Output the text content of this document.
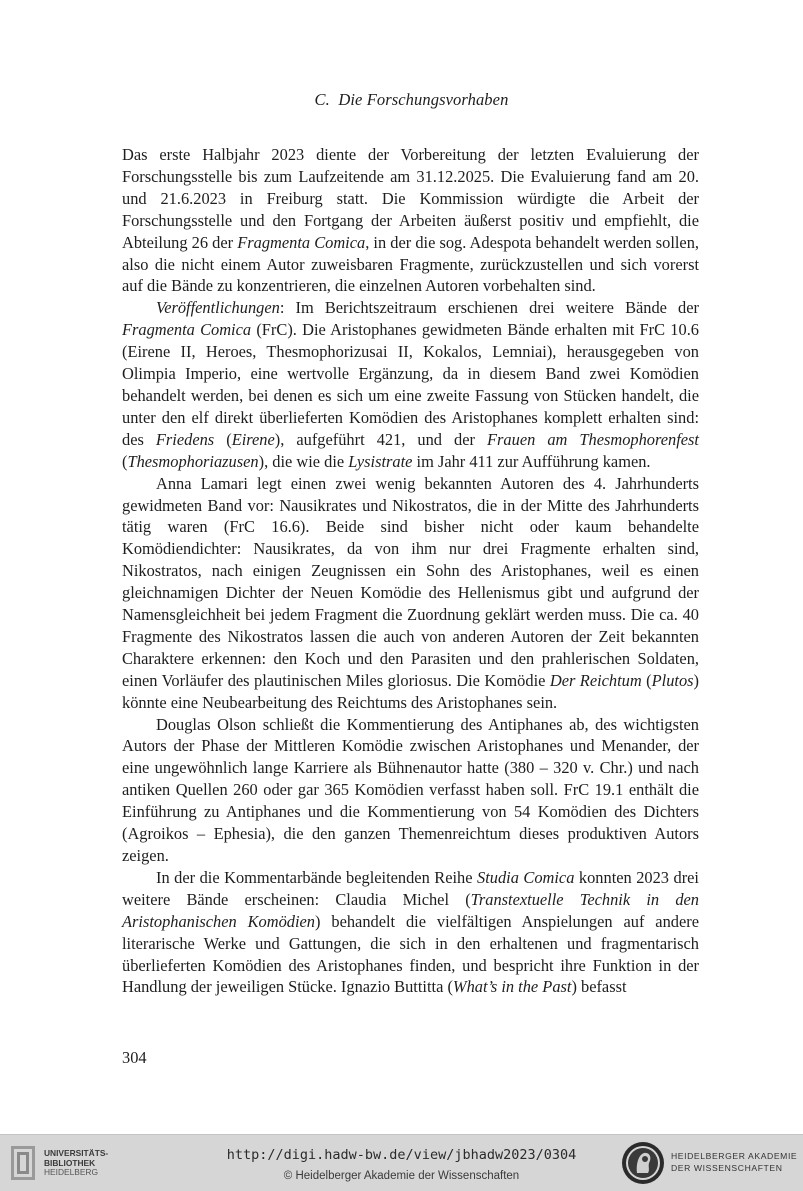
C. Die Forschungsvorhaben

Das erste Halbjahr 2023 diente der Vorbereitung der letzten Evaluierung der Forschungsstelle bis zum Laufzeitende am 31.12.2025. Die Evaluierung fand am 20. und 21.6.2023 in Freiburg statt. Die Kommission würdigte die Arbeit der Forschungsstelle und den Fortgang der Arbeiten äußerst positiv und empfiehlt, die Abteilung 26 der Fragmenta Comica, in der die sog. Adespota behandelt werden sollen, also die nicht einem Autor zuweisbaren Fragmente, zurückzustellen und sich vorerst auf die Bände zu konzentrieren, die einzelnen Autoren vorbehalten sind.

Veröffentlichungen: Im Berichtszeitraum erschienen drei weitere Bände der Fragmenta Comica (FrC). Die Aristophanes gewidmeten Bände erhalten mit FrC 10.6 (Eirene II, Heroes, Thesmophorizusai II, Kokalos, Lemniai), herausgegeben von Olimpia Imperio, eine wertvolle Ergänzung, da in diesem Band zwei Komödien behandelt werden, bei denen es sich um eine zweite Fassung von Stücken handelt, die unter den elf direkt überlieferten Komödien des Aristophanes komplett erhalten sind: des Friedens (Eirene), aufgeführt 421, und der Frauen am Thesmophorenfest (Thesmophoriazusen), die wie die Lysistrate im Jahr 411 zur Aufführung kamen.

Anna Lamari legt einen zwei wenig bekannten Autoren des 4. Jahrhunderts gewidmeten Band vor: Nausikrates und Nikostratos, die in der Mitte des Jahrhunderts tätig waren (FrC 16.6). Beide sind bisher nicht oder kaum behandelte Komödiendichter: Nausikrates, da von ihm nur drei Fragmente erhalten sind, Nikostratos, nach einigen Zeugnissen ein Sohn des Aristophanes, weil es einen gleichnamigen Dichter der Neuen Komödie des Hellenismus gibt und aufgrund der Namensgleichheit bei jedem Fragment die Zuordnung geklärt werden muss. Die ca. 40 Fragmente des Nikostratos lassen die auch von anderen Autoren der Zeit bekannten Charaktere erkennen: den Koch und den Parasiten und den prahlerischen Soldaten, einen Vorläufer des plautinischen Miles gloriosus. Die Komödie Der Reichtum (Plutos) könnte eine Neubearbeitung des Reichtums des Aristophanes sein.

Douglas Olson schließt die Kommentierung des Antiphanes ab, des wichtigsten Autors der Phase der Mittleren Komödie zwischen Aristophanes und Menander, der eine ungewöhnlich lange Karriere als Bühnenautor hatte (380 – 320 v. Chr.) und nach antiken Quellen 260 oder gar 365 Komödien verfasst haben soll. FrC 19.1 enthält die Einführung zu Antiphanes und die Kommentierung von 54 Komödien des Dichters (Agroikos – Ephesia), die den ganzen Themenreichtum dieses produktiven Autors zeigen.

In der die Kommentarbände begleitenden Reihe Studia Comica konnten 2023 drei weitere Bände erscheinen: Claudia Michel (Transtextuelle Technik in den Aristophanischen Komödien) behandelt die vielfältigen Anspielungen auf andere literarische Werke und Gattungen, die sich in den erhaltenen und fragmentarisch überlieferten Komödien des Aristophanes finden, und bespricht ihre Funktion in der Handlung der jeweiligen Stücke. Ignazio Buttitta (What’s in the Past) befasst

304
UNIVERSITÄTS-
BIBLIOTHEK
HEIDELBERG
http://digi.hadw-bw.de/view/jbhadw2023/0304
© Heidelberger Akademie der Wissenschaften
HEIDELBERGER AKADEMIE
DER WISSENSCHAFTEN
